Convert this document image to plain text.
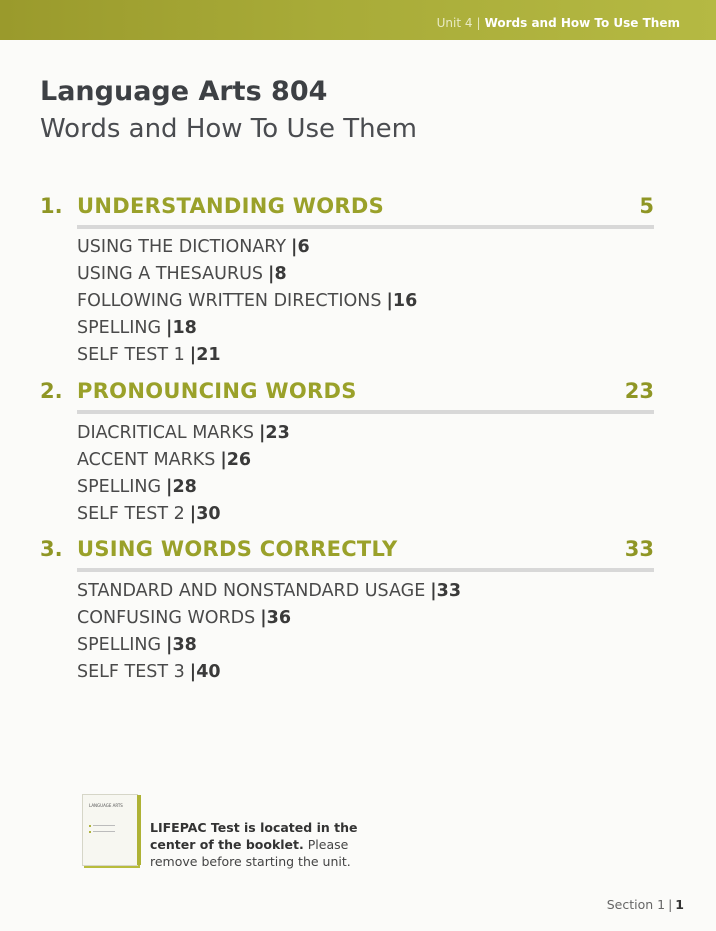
Unit 4 | Words and How To Use Them
Language Arts 804
Words and How To Use Them
1. UNDERSTANDING WORDS	5
USING THE DICTIONARY |6
USING A THESAURUS |8
FOLLOWING WRITTEN DIRECTIONS |16
SPELLING |18
SELF TEST 1 |21
2. PRONOUNCING WORDS	23
DIACRITICAL MARKS |23
ACCENT MARKS |26
SPELLING |28
SELF TEST 2 |30
3. USING WORDS CORRECTLY	33
STANDARD AND NONSTANDARD USAGE |33
CONFUSING WORDS |36
SPELLING |38
SELF TEST 3 |40
LANGUAGE ARTS
LIFEPAC Test is located in the center of the booklet. Please remove before starting the unit.
Section 1 | 1
